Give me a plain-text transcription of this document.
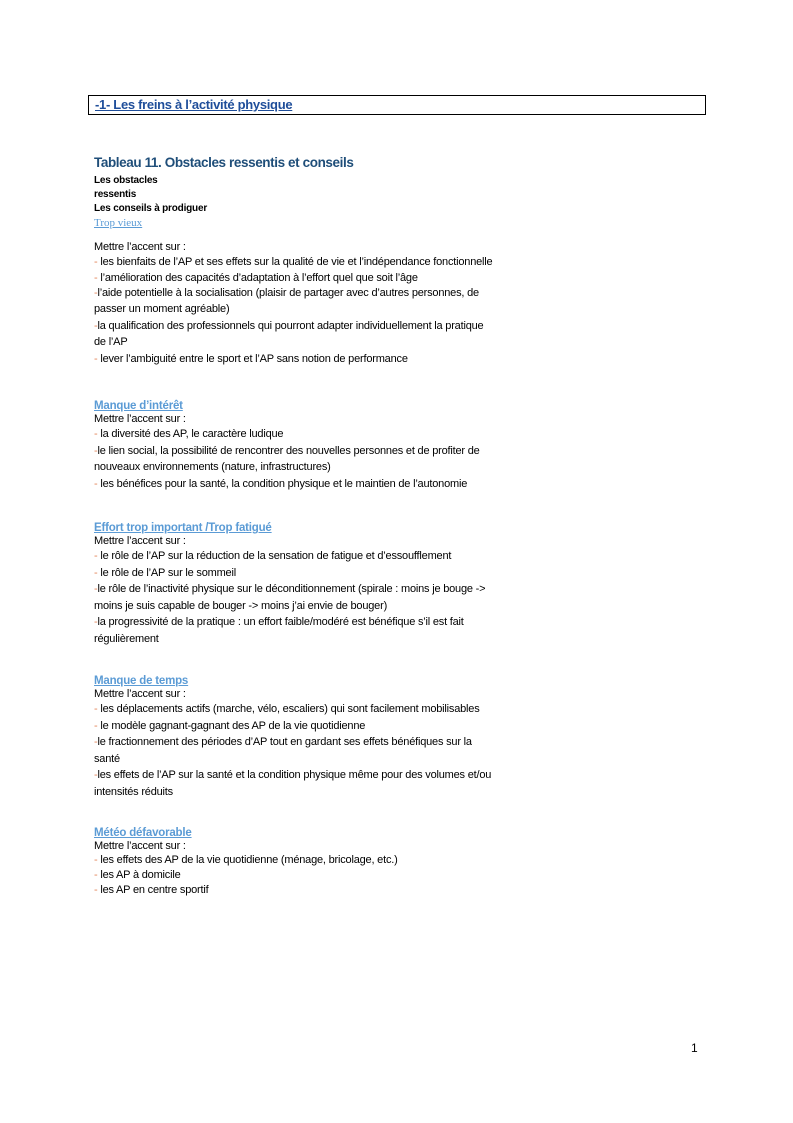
-1- Les freins à l’activité physique
Tableau 11. Obstacles ressentis et conseils
Les obstacles
ressentis
Les conseils à prodiguer
Trop vieux
Mettre l’accent sur :
- les bienfaits de l’AP et ses effets sur la qualité de vie et l’indépendance fonctionnelle
- l’amélioration des capacités d’adaptation à l’effort quel que soit l’âge
-l’aide potentielle à la socialisation (plaisir de partager avec d’autres personnes, de
passer un moment agréable)
-la qualification des professionnels qui pourront adapter individuellement la pratique
de l’AP
- lever l’ambiguité entre le sport et l’AP sans notion de performance
Manque d’intérêt
Mettre l’accent sur :
- la diversité des AP, le caractère ludique
-le lien social, la possibilité de rencontrer des nouvelles personnes et de profiter de
nouveaux environnements (nature, infrastructures)
- les bénéfices pour la santé, la condition physique et le maintien de l’autonomie
Effort trop important /Trop fatigué
Mettre l’accent sur :
- le rôle de l’AP sur la réduction de la sensation de fatigue et d’essoufflement
- le rôle de l’AP sur le sommeil
-le rôle de l’inactivité physique sur le déconditionnement (spirale : moins je bouge ->
moins je suis capable de bouger -> moins j’ai envie de bouger)
-la progressivité de la pratique : un effort faible/modéré est bénéfique s’il est fait
régulièrement
Manque de temps
Mettre l’accent sur :
- les déplacements actifs (marche, vélo, escaliers) qui sont facilement mobilisables
- le modèle gagnant-gagnant des AP de la vie quotidienne
-le fractionnement des périodes d’AP tout en gardant ses effets bénéfiques sur la
santé
-les effets de l’AP sur la santé et la condition physique même pour des volumes et/ou
intensités réduits
Météo défavorable
Mettre l’accent sur :
- les effets des AP de la vie quotidienne (ménage, bricolage, etc.)
- les AP à domicile
- les AP en centre sportif
1
